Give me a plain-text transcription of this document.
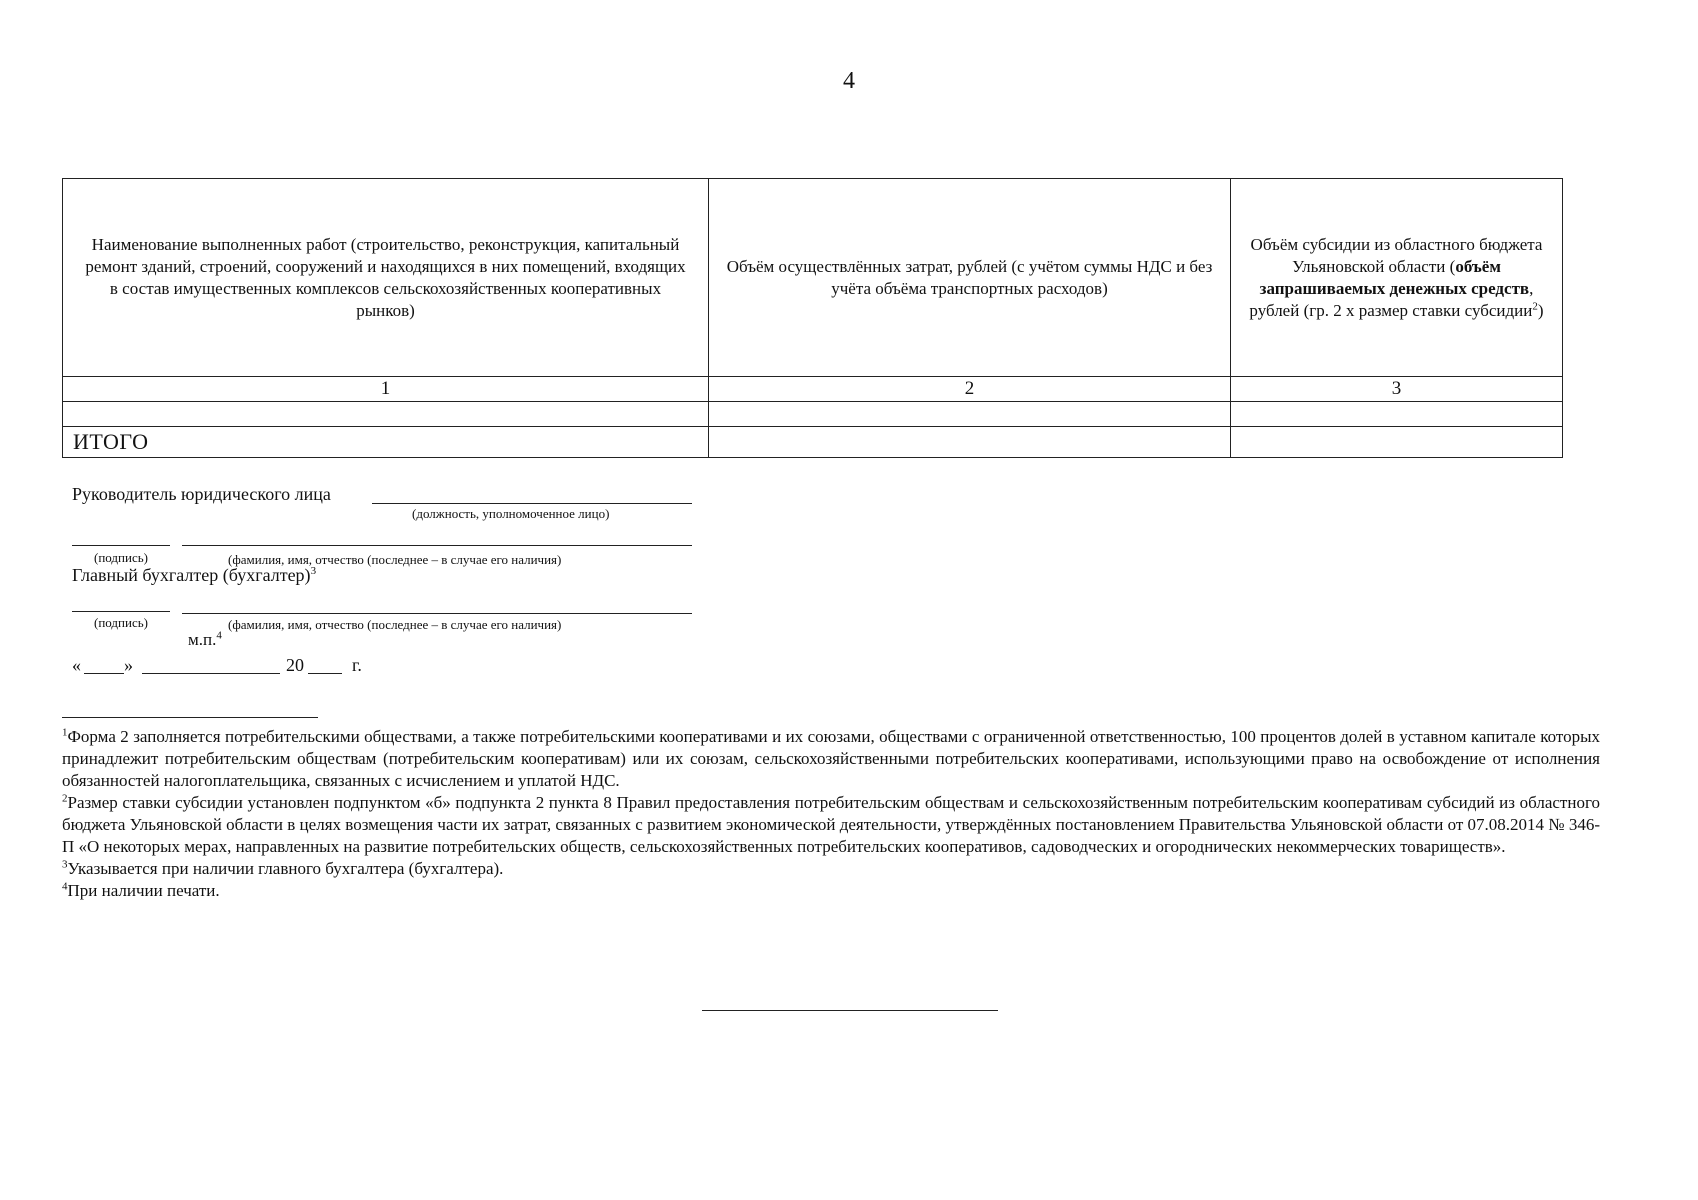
4
Наименование выполненных работ (строительство, реконструкция, капитальный ремонт зданий, строений, сооружений и находящихся в них помещений, входящих в состав имущественных комплексов сельскохозяйственных кооперативных рынков)	Объём осуществлённых затрат, рублей (с учётом суммы НДС и без учёта объёма транспортных расходов)	Объём субсидии из областного бюджета Ульяновской области (объём запрашиваемых денежных средств, рублей (гр. 2 х размер ставки субсидии$^2$)
1	2	3

ИТОГО		
Руководитель юридического лица
(должность, уполномоченное лицо)
(подпись)	(фамилия, имя, отчество (последнее – в случае его наличия)
Главный бухгалтер (бухгалтер)$^3$
(подпись)	(фамилия, имя, отчество (последнее – в случае его наличия)
м.п.$^4$
« »	20	г.

$^1$Форма 2 заполняется потребительскими обществами, а также потребительскими кооперативами и их союзами, обществами с ограниченной ответственностью, 100 процентов долей в уставном капитале которых принадлежит потребительским обществам (потребительским кооперативам) или их союзам, сельскохозяйственными потребительских кооперативами, использующими право на освобождение от исполнения обязанностей налогоплательщика, связанных с исчислением и уплатой НДС.

$^2$Размер ставки субсидии установлен подпунктом «б» подпункта 2 пункта 8 Правил предоставления потребительским обществам и сельскохозяйственным потребительским кооперативам субсидий из областного бюджета Ульяновской области в целях возмещения части их затрат, связанных с развитием экономической деятельности, утверждённых постановлением Правительства Ульяновской области от 07.08.2014 № 346-П «О некоторых мерах, направленных на развитие потребительских обществ, сельскохозяйственных потребительских кооперативов, садоводческих и огороднических некоммерческих товариществ».

$^3$Указывается при наличии главного бухгалтера (бухгалтера).

$^4$При наличии печати.
